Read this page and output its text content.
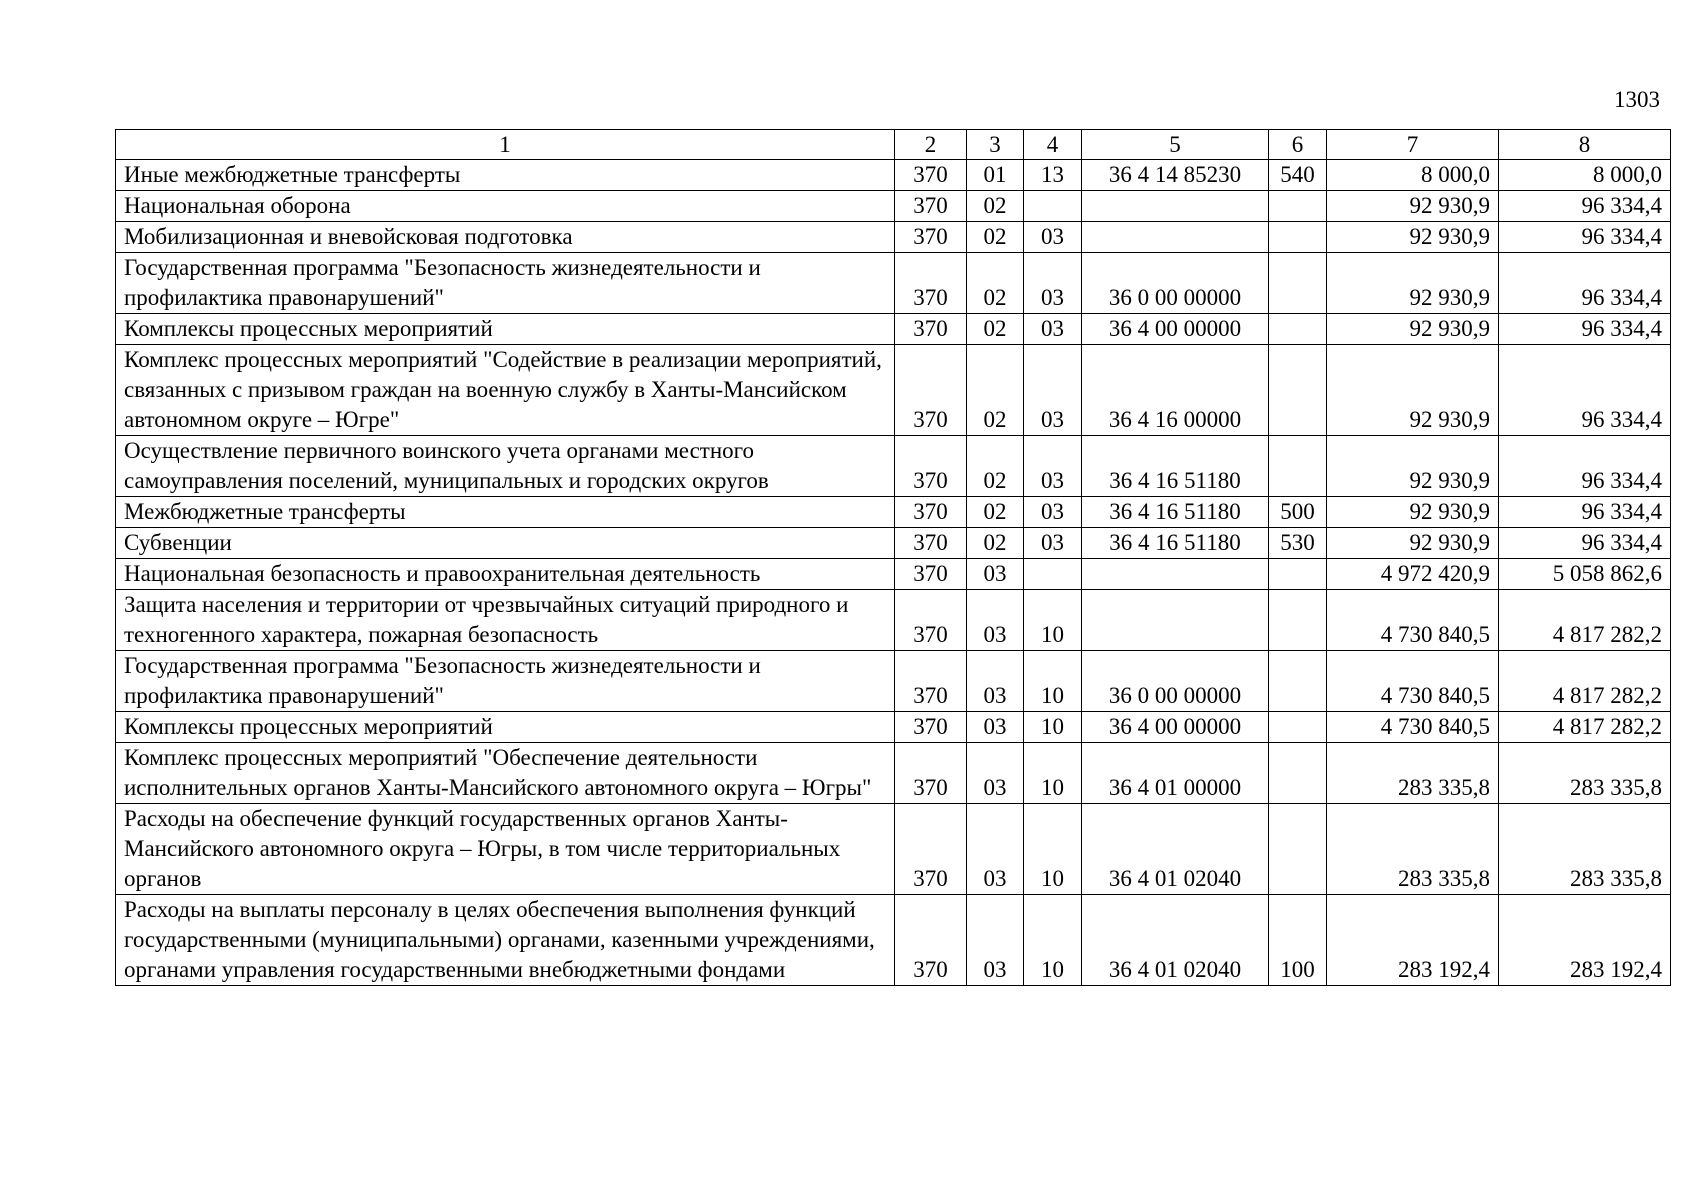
1303
1	2	3	4	5	6	7	8
Иные межбюджетные трансферты	370	01	13	36 4 14 85230	540	8 000,0	8 000,0
Национальная оборона	370	02				92 930,9	96 334,4
Мобилизационная и вневойсковая подготовка	370	02	03			92 930,9	96 334,4
Государственная программа "Безопасность жизнедеятельности и профилактика правонарушений"	370	02	03	36 0 00 00000		92 930,9	96 334,4
Комплексы процессных мероприятий	370	02	03	36 4 00 00000		92 930,9	96 334,4
Комплекс процессных мероприятий "Содействие в реализации мероприятий, связанных с призывом граждан на военную службу в Ханты-Мансийском автономном округе – Югре"	370	02	03	36 4 16 00000		92 930,9	96 334,4
Осуществление первичного воинского учета органами местного самоуправления поселений, муниципальных и городских округов	370	02	03	36 4 16 51180		92 930,9	96 334,4
Межбюджетные трансферты	370	02	03	36 4 16 51180	500	92 930,9	96 334,4
Субвенции	370	02	03	36 4 16 51180	530	92 930,9	96 334,4
Национальная безопасность и правоохранительная деятельность	370	03				4 972 420,9	5 058 862,6
Защита населения и территории от чрезвычайных ситуаций природного и техногенного характера, пожарная безопасность	370	03	10			4 730 840,5	4 817 282,2
Государственная программа "Безопасность жизнедеятельности и профилактика правонарушений"	370	03	10	36 0 00 00000		4 730 840,5	4 817 282,2
Комплексы процессных мероприятий	370	03	10	36 4 00 00000		4 730 840,5	4 817 282,2
Комплекс процессных мероприятий "Обеспечение деятельности исполнительных органов Ханты-Мансийского автономного округа – Югры"	370	03	10	36 4 01 00000		283 335,8	283 335,8
Расходы на обеспечение функций государственных органов Ханты-Мансийского автономного округа – Югры, в том числе территориальных органов	370	03	10	36 4 01 02040		283 335,8	283 335,8
Расходы на выплаты персоналу в целях обеспечения выполнения функций государственными (муниципальными) органами, казенными учреждениями, органами управления государственными внебюджетными фондами	370	03	10	36 4 01 02040	100	283 192,4	283 192,4
